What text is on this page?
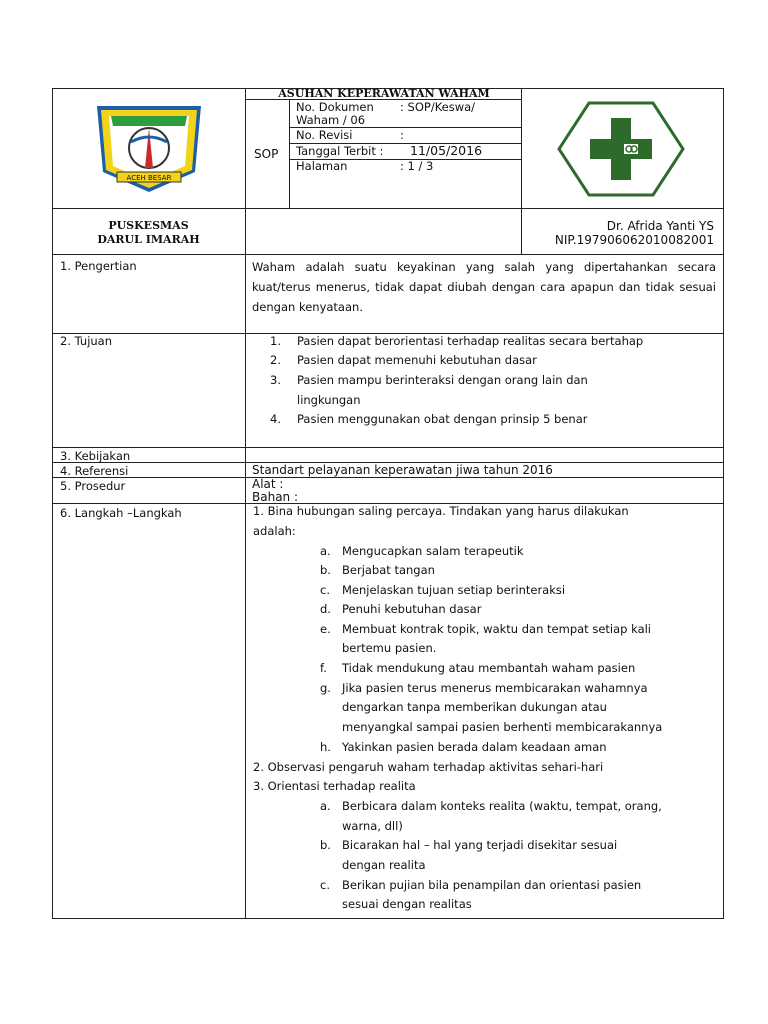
ACEH BESAR
ASUHAN KEPERAWATAN WAHAM
SOP
No. Dokumen : SOP/Keswa/
Waham / 06
No. Revisi	:
Tanggal Terbit : 11/05/2016
Halaman	: 1 / 3
PUSKESMAS
DARUL IMARAH
Dr. Afrida Yanti YS
NIP.197906062010082001
1. Pengertian	Waham adalah suatu keyakinan yang salah yang dipertahankan secara kuat/terus menerus, tidak dapat diubah dengan cara apapun dan tidak sesuai dengan kenyataan.
2. Tujuan	1. Pasien dapat berorientasi terhadap realitas secara bertahap
2. Pasien dapat memenuhi kebutuhan dasar
3. Pasien mampu berinteraksi dengan orang lain dan
lingkungan
4. Pasien menggunakan obat dengan prinsip 5 benar
3. Kebijakan
4. Referensi	Standart pelayanan keperawatan jiwa tahun 2016
5. Prosedur	Alat :
Bahan :
6. Langkah –Langkah	1. Bina hubungan saling percaya. Tindakan yang harus dilakukan
adalah:
a. Mengucapkan salam terapeutik
b. Berjabat tangan
c. Menjelaskan tujuan setiap berinteraksi
d. Penuhi kebutuhan dasar
e. Membuat kontrak topik, waktu dan tempat setiap kali
bertemu pasien.
f. Tidak mendukung atau membantah waham pasien
g. Jika pasien terus menerus membicarakan wahamnya
dengarkan tanpa memberikan dukungan atau
menyangkal sampai pasien berhenti membicarakannya
h. Yakinkan pasien berada dalam keadaan aman
2. Observasi pengaruh waham terhadap aktivitas sehari-hari
3. Orientasi terhadap realita
a. Berbicara dalam konteks realita (waktu, tempat, orang,
warna, dll)
b. Bicarakan hal – hal yang terjadi disekitar sesuai
dengan realita
c. Berikan pujian bila penampilan dan orientasi pasien
sesuai dengan realitas
